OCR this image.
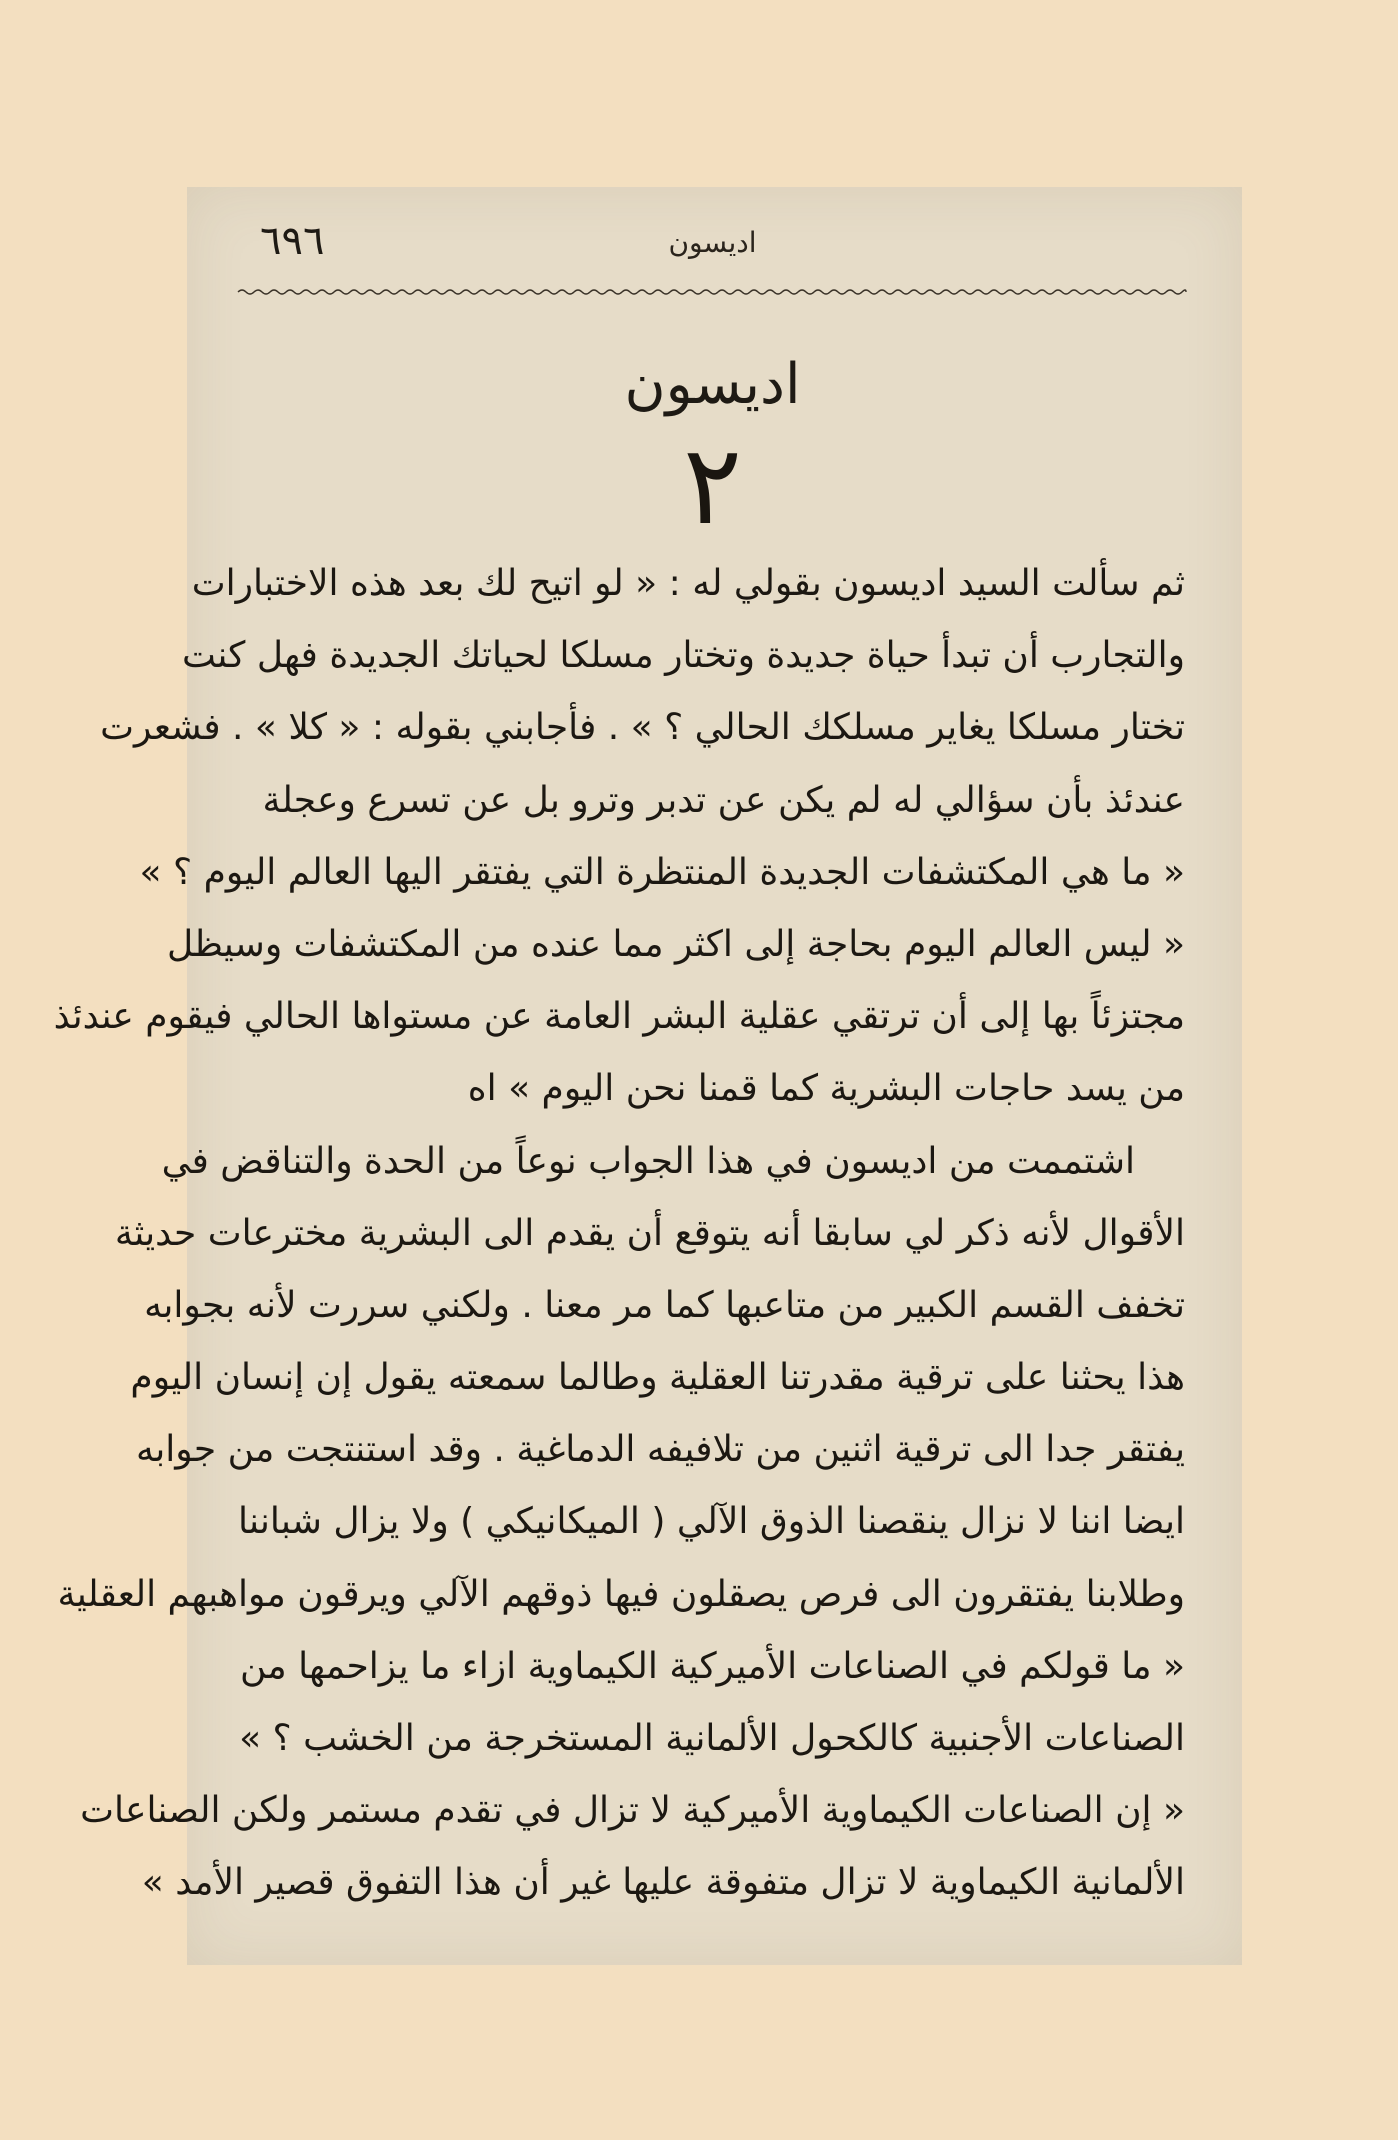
٦٩٦	اديسون
اديسون
٢
ثم سألت السيد اديسون بقولي له : « لو اتيح لك بعد هذه الاختبارات
والتجارب أن تبدأ حياة جديدة وتختار مسلكا لحياتك الجديدة فهل كنت
تختار مسلكا يغاير مسلكك الحالي ؟ » . فأجابني بقوله : « كلا » . فشعرت
عندئذ بأن سؤالي له لم يكن عن تدبر وترو بل عن تسرع وعجلة
« ما هي المكتشفات الجديدة المنتظرة التي يفتقر اليها العالم اليوم ؟ »
« ليس العالم اليوم بحاجة إلى اكثر مما عنده من المكتشفات وسيظل
مجتزئاً بها إلى أن ترتقي عقلية البشر العامة عن مستواها الحالي فيقوم عندئذ
من يسد حاجات البشرية كما قمنا نحن اليوم » اه
اشتممت من اديسون في هذا الجواب نوعاً من الحدة والتناقض في
الأقوال لأنه ذكر لي سابقا أنه يتوقع أن يقدم الى البشرية مخترعات حديثة
تخفف القسم الكبير من متاعبها كما مر معنا . ولكني سررت لأنه بجوابه
هذا يحثنا على ترقية مقدرتنا العقلية وطالما سمعته يقول إن إنسان اليوم
يفتقر جدا الى ترقية اثنين من تلافيفه الدماغية . وقد استنتجت من جوابه
ايضا اننا لا نزال ينقصنا الذوق الآلي ( الميكانيكي ) ولا يزال شباننا
وطلابنا يفتقرون الى فرص يصقلون فيها ذوقهم الآلي ويرقون مواهبهم العقلية
« ما قولكم في الصناعات الأميركية الكيماوية ازاء ما يزاحمها من
الصناعات الأجنبية كالكحول الألمانية المستخرجة من الخشب ؟ »
« إن الصناعات الكيماوية الأميركية لا تزال في تقدم مستمر ولكن الصناعات
الألمانية الكيماوية لا تزال متفوقة عليها غير أن هذا التفوق قصير الأمد »
